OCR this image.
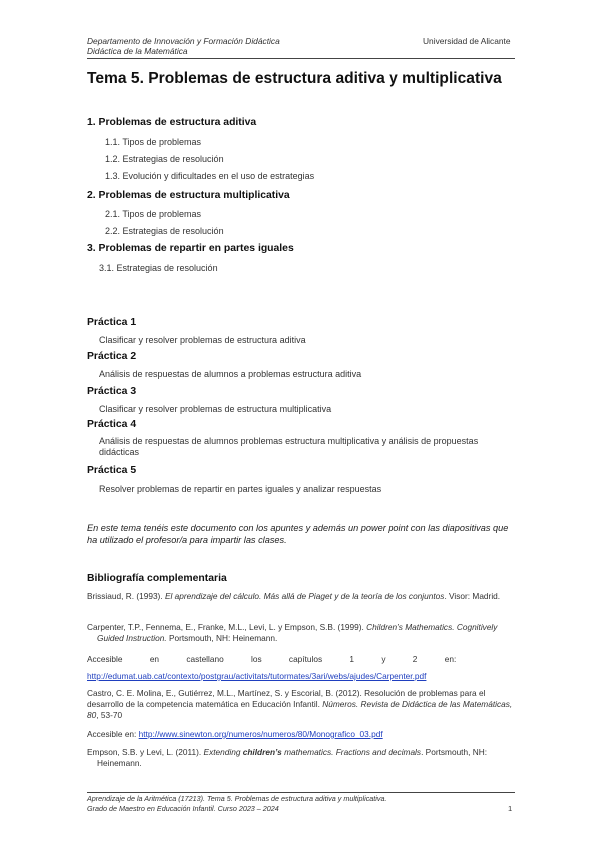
Departamento de Innovación y Formación Didáctica
Didáctica de la Matemática
Universidad de Alicante
Tema 5. Problemas de estructura aditiva y multiplicativa
1. Problemas de estructura aditiva
1.1. Tipos de problemas
1.2. Estrategias de resolución
1.3. Evolución y dificultades en el uso de estrategias
2. Problemas de estructura multiplicativa
2.1. Tipos de problemas
2.2. Estrategias de resolución
3. Problemas de repartir en partes iguales
3.1. Estrategias de resolución
Práctica 1
Clasificar y resolver problemas de estructura aditiva
Práctica 2
Análisis de respuestas de alumnos a problemas estructura aditiva
Práctica 3
Clasificar y resolver problemas de estructura multiplicativa
Práctica 4
Análisis de respuestas de alumnos problemas estructura multiplicativa y análisis de propuestas didácticas
Práctica 5
Resolver problemas de repartir en partes iguales y analizar respuestas
En este tema tenéis este documento con los apuntes y además un power point con las diapositivas que ha utilizado el profesor/a para impartir las clases.
Bibliografía complementaria
Brissiaud, R. (1993). El aprendizaje del cálculo. Más allá de Piaget y de la teoría de los conjuntos. Visor: Madrid.
Carpenter, T.P., Fennema, E., Franke, M.L., Levi, L. y Empson, S.B. (1999). Children’s Mathematics. Cognitively Guided Instruction. Portsmouth, NH: Heinemann.
Accesible en castellano los capítulos 1 y 2 en:
http://edumat.uab.cat/contexto/postgrau/activitats/tutormates/3ari/webs/ajudes/Carpenter.pdf
Castro, C. E. Molina, E., Gutiérrez, M.L., Martínez, S. y Escorial, B. (2012). Resolución de problemas para el desarrollo de la competencia matemática en Educación Infantil. Números. Revista de Didáctica de las Matemáticas, 80, 53-70
Accesible en: http://www.sinewton.org/numeros/numeros/80/Monografico_03.pdf
Empson, S.B. y Levi, L. (2011). Extending children’s mathematics. Fractions and decimals. Portsmouth, NH: Heinemann.
Aprendizaje de la Aritmética (17213). Tema 5. Problemas de estructura aditiva y multiplicativa.
Grado de Maestro en Educación Infantil. Curso 2023 – 2024	1
